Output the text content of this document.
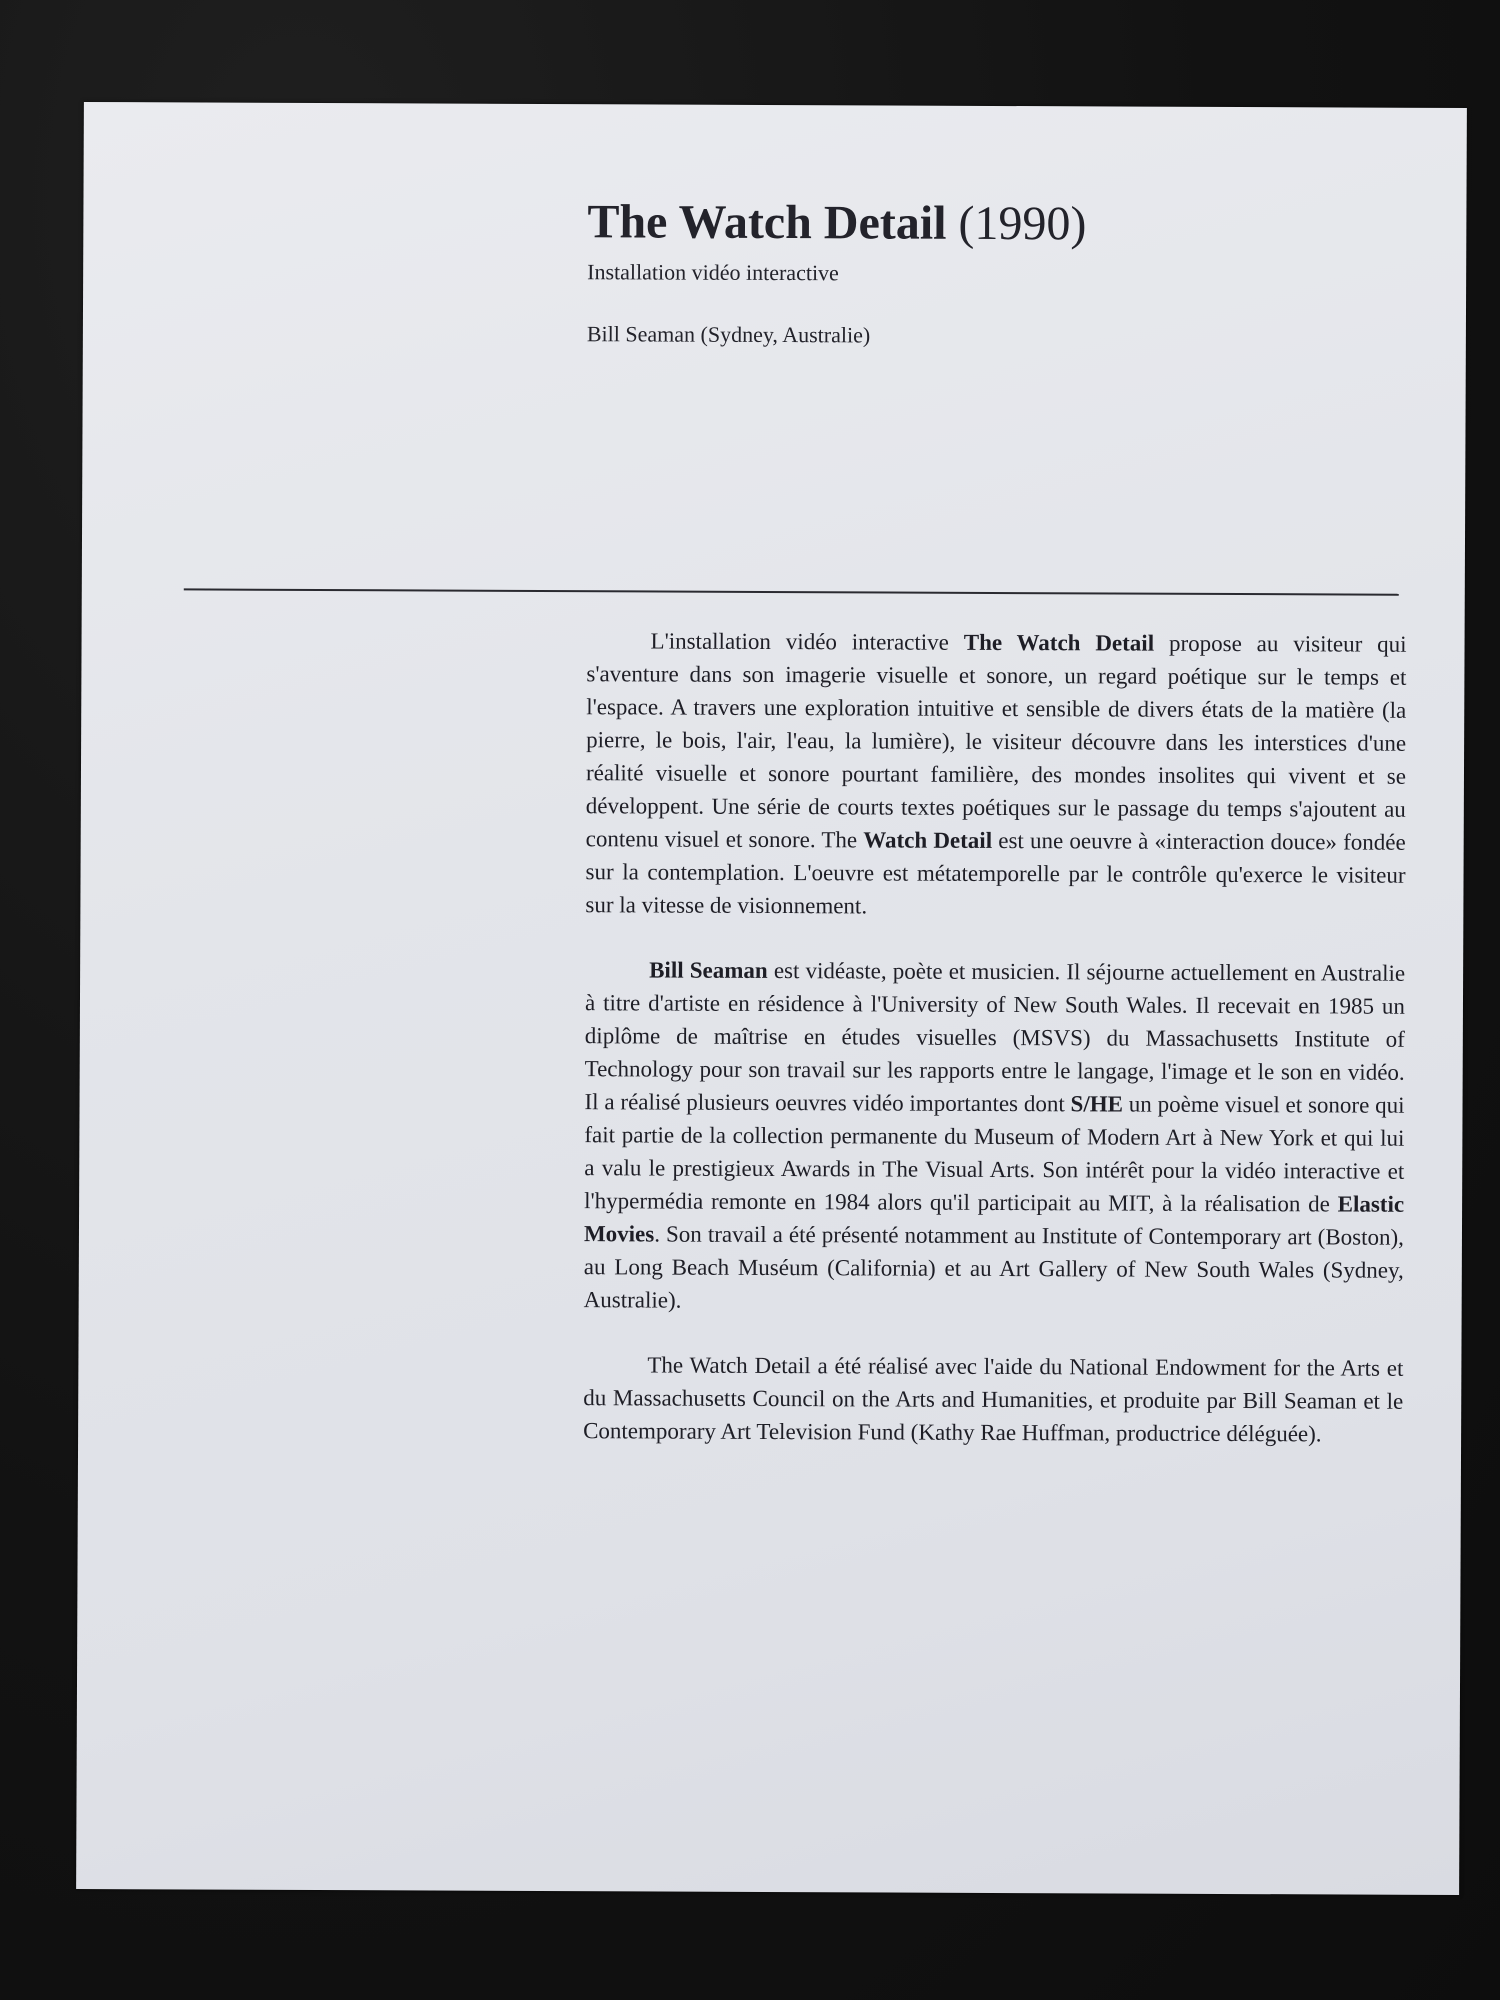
The Watch Detail (1990)

Installation vidéo interactive

Bill Seaman (Sydney, Australie)

L'installation vidéo interactive The Watch Detail propose au visiteur qui s'aventure dans son imagerie visuelle et sonore, un regard poétique sur le temps et l'espace. A travers une exploration intuitive et sensible de divers états de la matière (la pierre, le bois, l'air, l'eau, la lumière), le visiteur découvre dans les interstices d'une réalité visuelle et sonore pourtant familière, des mondes insolites qui vivent et se développent. Une série de courts textes poétiques sur le passage du temps s'ajoutent au contenu visuel et sonore. The Watch Detail est une oeuvre à «interaction douce» fondée sur la contemplation. L'oeuvre est métatemporelle par le contrôle qu'exerce le visiteur sur la vitesse de visionnement.

Bill Seaman est vidéaste, poète et musicien. Il séjourne actuellement en Australie à titre d'artiste en résidence à l'University of New South Wales. Il recevait en 1985 un diplôme de maîtrise en études visuelles (MSVS) du Massachusetts Institute of Technology pour son travail sur les rapports entre le langage, l'image et le son en vidéo. Il a réalisé plusieurs oeuvres vidéo importantes dont S/HE un poème visuel et sonore qui fait partie de la collection permanente du Museum of Modern Art à New York et qui lui a valu le prestigieux Awards in The Visual Arts. Son intérêt pour la vidéo interactive et l'hypermédia remonte en 1984 alors qu'il participait au MIT, à la réalisation de Elastic Movies. Son travail a été présenté notamment au Institute of Contemporary art (Boston), au Long Beach Muséum (California) et au Art Gallery of New South Wales (Sydney, Australie).

The Watch Detail a été réalisé avec l'aide du National Endowment for the Arts et du Massachusetts Council on the Arts and Humanities, et produite par Bill Seaman et le Contemporary Art Television Fund (Kathy Rae Huffman, productrice déléguée).
